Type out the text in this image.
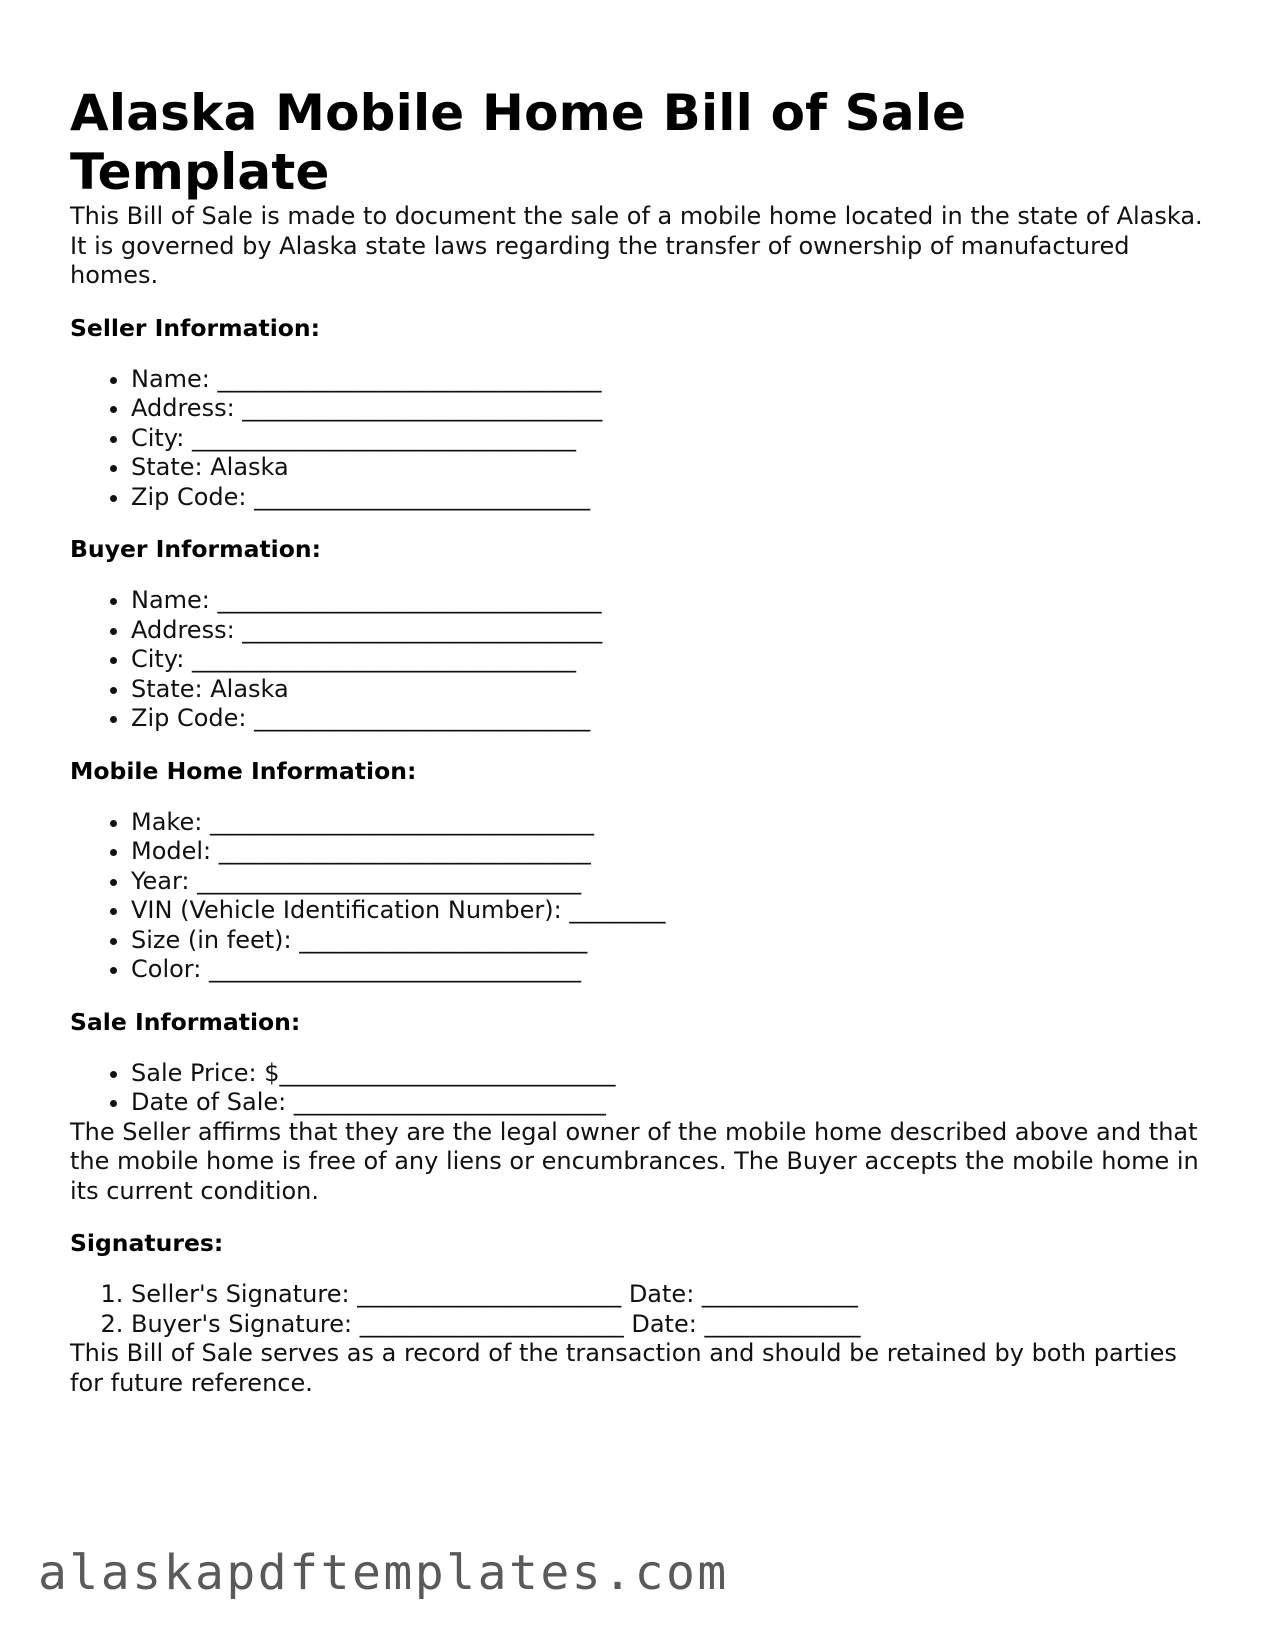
Alaska Mobile Home Bill of Sale Template

This Bill of Sale is made to document the sale of a mobile home located in the state of Alaska. It is governed by Alaska state laws regarding the transfer of ownership of manufactured homes.

Seller Information:
• Name: ________________________________
• Address: ______________________________
• City: ________________________________
• State: Alaska
• Zip Code: ____________________________
Buyer Information:
• Name: ________________________________
• Address: ______________________________
• City: ________________________________
• State: Alaska
• Zip Code: ____________________________
Mobile Home Information:
• Make: ________________________________
• Model: _______________________________
• Year: ________________________________
• VIN (Vehicle Identification Number): ________
• Size (in feet): ________________________
• Color: _______________________________
Sale Information:
• Sale Price: $____________________________
• Date of Sale: __________________________

The Seller affirms that they are the legal owner of the mobile home described above and that the mobile home is free of any liens or encumbrances. The Buyer accepts the mobile home in its current condition.

Signatures:
1. Seller's Signature: ______________________ Date: _____________
2. Buyer's Signature: ______________________ Date: _____________

This Bill of Sale serves as a record of the transaction and should be retained by both parties for future reference.

alaskapdftemplates.com
